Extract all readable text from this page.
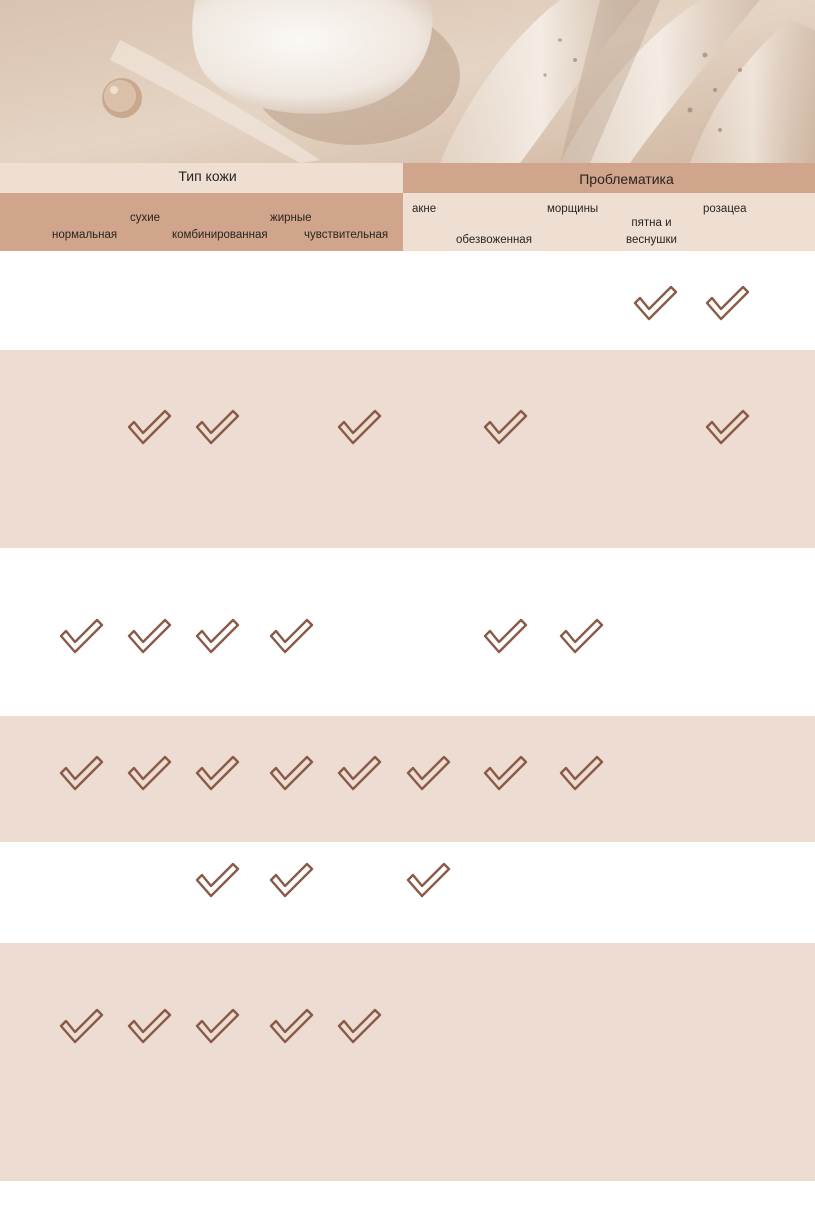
Тип кожи	Проблематика
нормальная
сухие
комбинированная
жирные
чувствительная
акне
обезвоженная
морщины
пятна и
веснушки
розацеа
